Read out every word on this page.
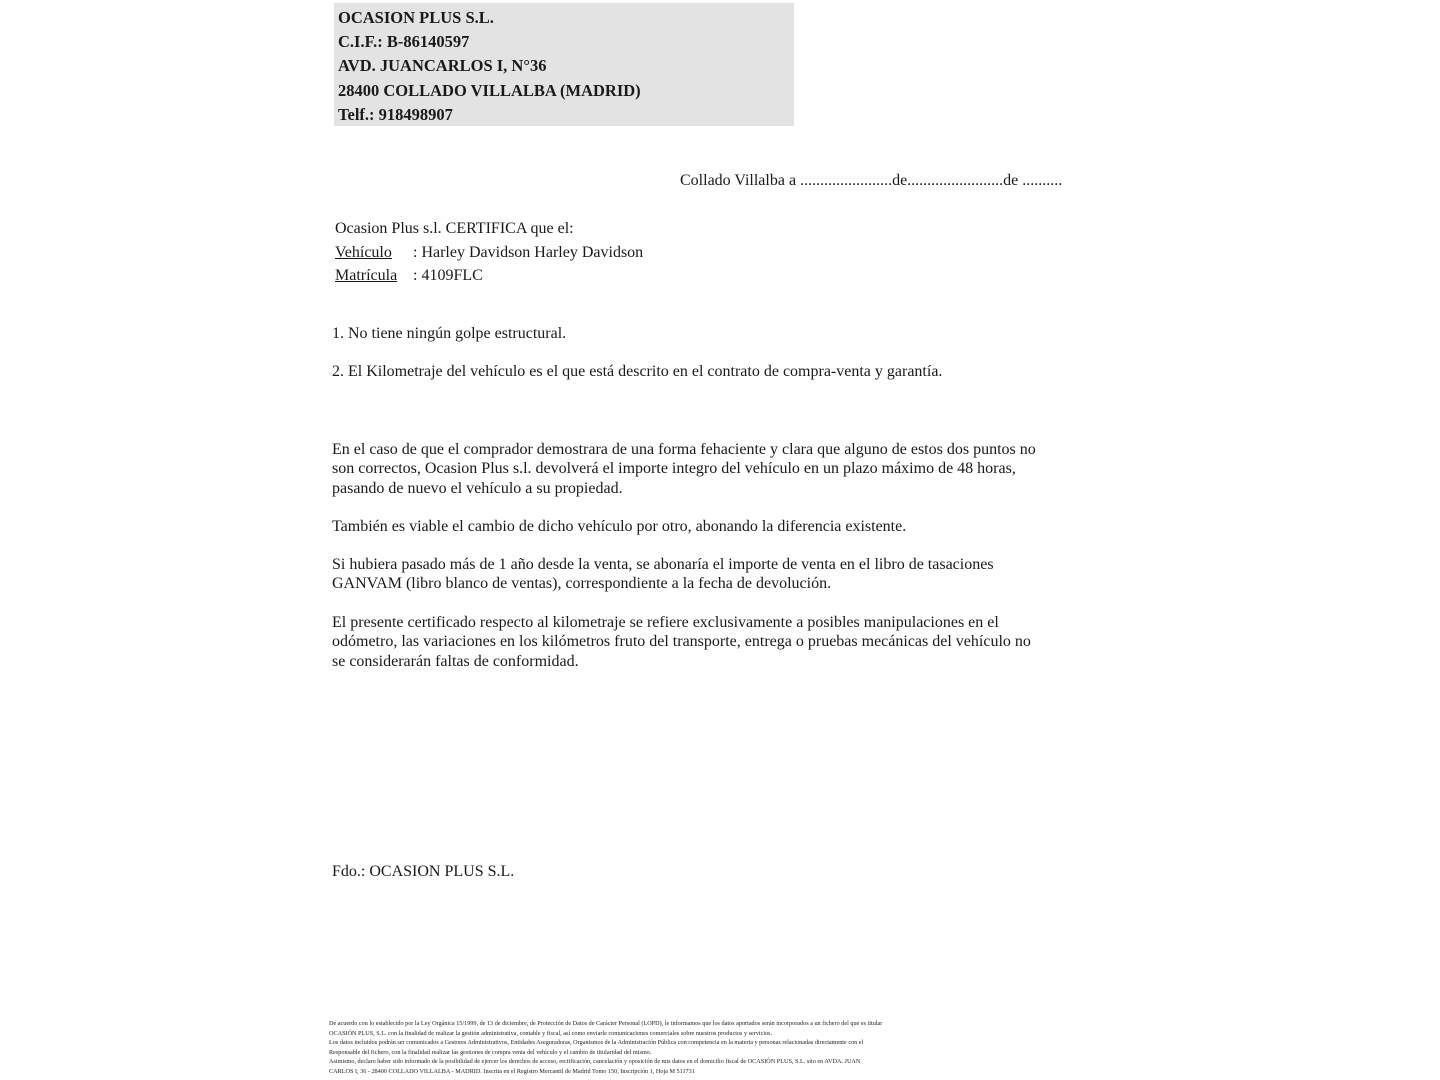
OCASION PLUS S.L.
C.I.F.: B-86140597
AVD. JUANCARLOS I, N°36
28400 COLLADO VILLALBA (MADRID)
Telf.: 918498907
Collado Villalba a .......................de........................de ..........
Ocasion Plus s.l. CERTIFICA que el:
Vehículo	: Harley Davidson Harley Davidson
Matrícula : 4109FLC
1. No tiene ningún golpe estructural.
2. El Kilometraje del vehículo es el que está descrito en el contrato de compra-venta y garantía.
En el caso de que el comprador demostrara de una forma fehaciente y clara que alguno de estos dos puntos no
son correctos, Ocasion Plus s.l. devolverá el importe integro del vehículo en un plazo máximo de 48 horas,
pasando de nuevo el vehículo a su propiedad.
También es viable el cambio de dicho vehículo por otro, abonando la diferencia existente.
Si hubiera pasado más de 1 año desde la venta, se abonaría el importe de venta en el libro de tasaciones
GANVAM (libro blanco de ventas), correspondiente a la fecha de devolución.
El presente certificado respecto al kilometraje se refiere exclusivamente a posibles manipulaciones en el
odómetro, las variaciones en los kilómetros fruto del transporte, entrega o pruebas mecánicas del vehículo no
se considerarán faltas de conformidad.
Fdo.: OCASION PLUS S.L.
De acuerdo con lo establecido por la Ley Orgánica 15/1999, de 13 de diciembre, de Protección de Datos de Carácter Personal (LOPD), le informamos que los datos aportados serán incorporados a un fichero del que es titular
OCASIÓN PLUS, S.L. con la finalidad de realizar la gestión administrativa, contable y fiscal, así como enviarle comunicaciones comerciales sobre nuestros productos y servicios.
Los datos incluidos podrán ser comunicados a Gestores Administrativos, Entidades Aseguradoras, Organismos de la Administración Pública con competencia en la materia y personas relacionadas directamente con el
Responsable del fichero, con la finalidad realizar las gestiones de compra venta del vehículo y el cambio de titularidad del mismo.
Asimismo, declaro haber sido informado de la posibilidad de ejercer los derechos de acceso, rectificación, cancelación y oposición de mis datos en el domicilio fiscal de OCASIÓN PLUS, S.L. sito en AVDA. JUAN
CARLOS I, 36 - 28400 COLLADO VILLALBA - MADRID. Inscrita en el Registro Mercantil de Madrid Tomo 150, Inscripción 1, Hoja M 511731
